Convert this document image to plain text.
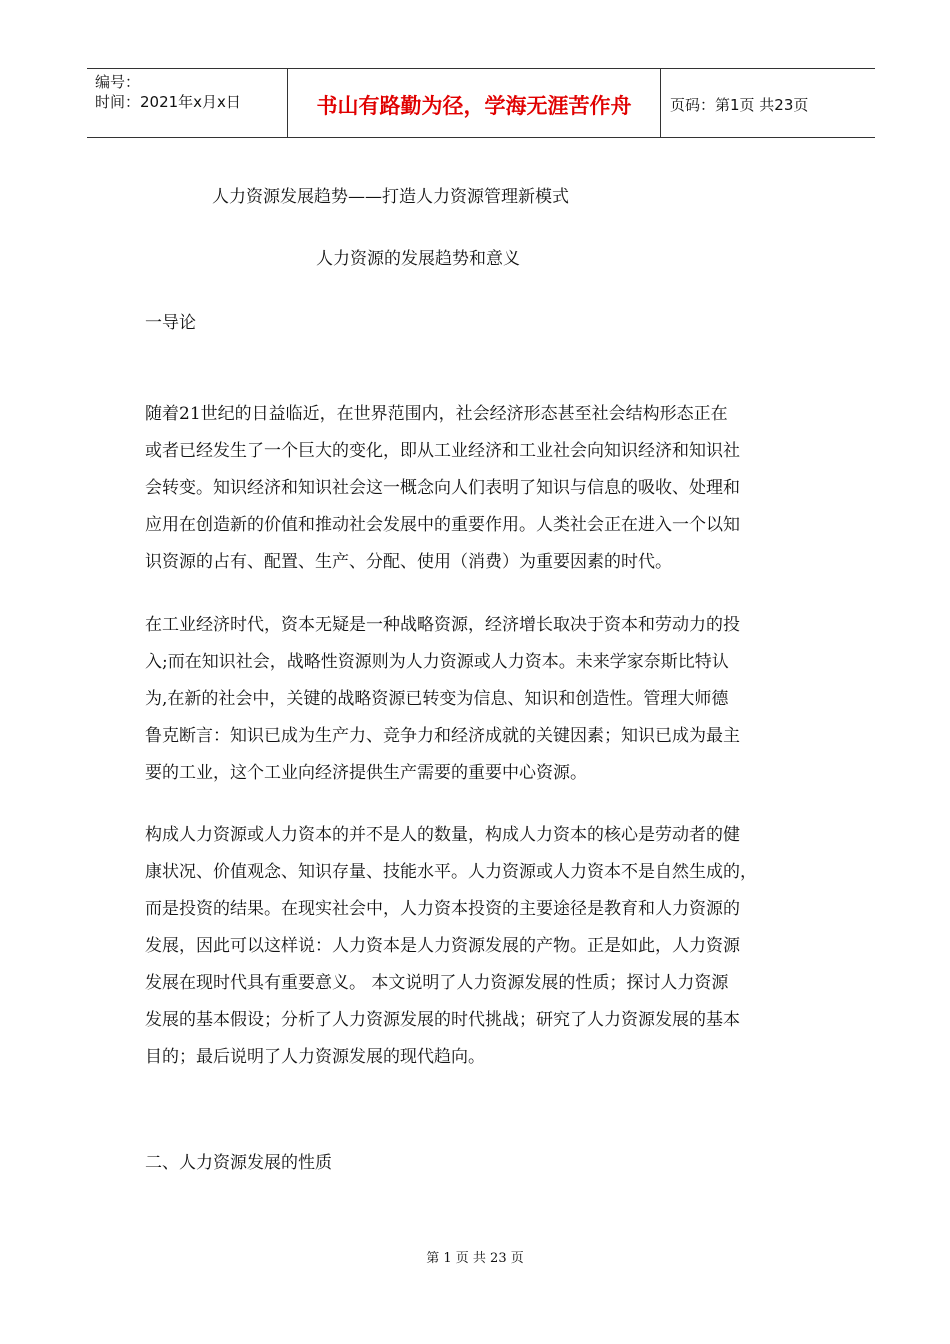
编号：
时间：2021年x月x日	书山有路勤为径，学海无涯苦作舟	页码：第1页 共23页
人力资源发展趋势——打造人力资源管理新模式
人力资源的发展趋势和意义
一导论
随着21世纪的日益临近，在世界范围内，社会经济形态甚至社会结构形态正在
或者已经发生了一个巨大的变化，即从工业经济和工业社会向知识经济和知识社
会转变。知识经济和知识社会这一概念向人们表明了知识与信息的吸收、处理和
应用在创造新的价值和推动社会发展中的重要作用。人类社会正在进入一个以知
识资源的占有、配置、生产、分配、使用（消费）为重要因素的时代。
在工业经济时代，资本无疑是一种战略资源，经济增长取决于资本和劳动力的投
入;而在知识社会，战略性资源则为人力资源或人力资本。未来学家奈斯比特认
为,在新的社会中，关键的战略资源已转变为信息、知识和创造性。管理大师德
鲁克断言：知识已成为生产力、竞争力和经济成就的关键因素；知识已成为最主
要的工业，这个工业向经济提供生产需要的重要中心资源。
构成人力资源或人力资本的并不是人的数量，构成人力资本的核心是劳动者的健
康状况、价值观念、知识存量、技能水平。人力资源或人力资本不是自然生成的，
而是投资的结果。在现实社会中，人力资本投资的主要途径是教育和人力资源的
发展，因此可以这样说：人力资本是人力资源发展的产物。正是如此，人力资源
发展在现时代具有重要意义。 本文说明了人力资源发展的性质；探讨人力资源
发展的基本假设；分析了人力资源发展的时代挑战；研究了人力资源发展的基本
目的；最后说明了人力资源发展的现代趋向。
二、人力资源发展的性质
第 1 页 共 23 页
